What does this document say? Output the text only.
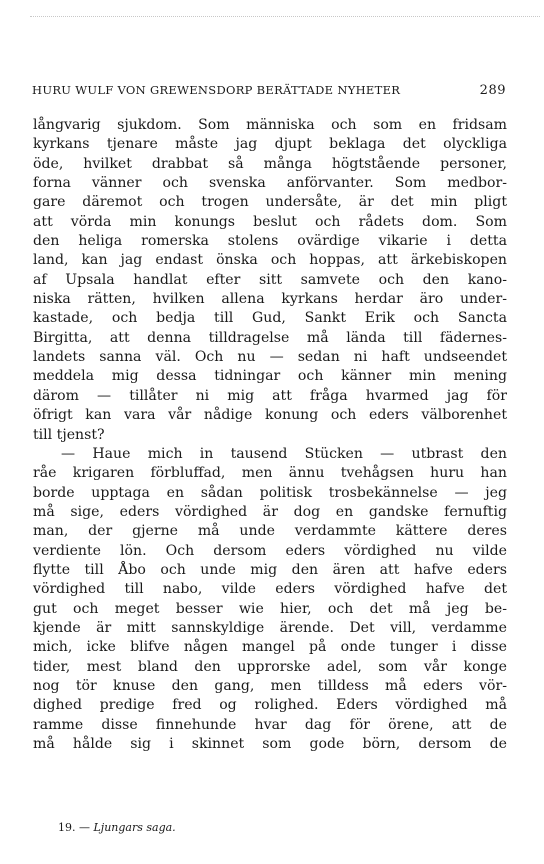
HURU WULF VON GREWENSDORP BERÄTTADE NYHETER	289
långvarig sjukdom. Som människa och som en fridsam
kyrkans tjenare måste jag djupt beklaga det olyckliga
öde, hvilket drabbat så många högtstående personer,
forna vänner och svenska anförvanter. Som medbor-
gare däremot och trogen undersåte, är det min pligt
att vörda min konungs beslut och rådets dom. Som
den heliga romerska stolens ovärdige vikarie i detta
land, kan jag endast önska och hoppas, att ärkebiskopen
af Upsala handlat efter sitt samvete och den kano-
niska rätten, hvilken allena kyrkans herdar äro under-
kastade, och bedja till Gud, Sankt Erik och Sancta
Birgitta, att denna tilldragelse må lända till fädernes-
landets sanna väl. Och nu — sedan ni haft undseendet
meddela mig dessa tidningar och känner min mening
därom — tillåter ni mig att fråga hvarmed jag för
öfrigt kan vara vår nådige konung och eders välborenhet
till tjenst?
— Haue mich in tausend Stücken — utbrast den
råe krigaren förbluffad, men ännu tvehågsen huru han
borde upptaga en sådan politisk trosbekännelse — jeg
må sige, eders vördighed är dog en gandske fernuftig
man, der gjerne må unde verdammte kättere deres
verdiente lön. Och dersom eders vördighed nu vilde
flytte till Åbo och unde mig den ären att hafve eders
vördighed till nabo, vilde eders vördighed hafve det
gut och meget besser wie hier, och det må jeg be-
kjende är mitt sannskyldige ärende. Det vill, verdamme
mich, icke blifve någen mangel på onde tunger i disse
tider, mest bland den upprorske adel, som vår konge
nog tör knuse den gang, men tilldess må eders vör-
dighed predige fred og rolighed. Eders vördighed må
ramme disse finnehunde hvar dag för örene, att de
må hålde sig i skinnet som gode börn, dersom de
19. — Ljungars saga.
